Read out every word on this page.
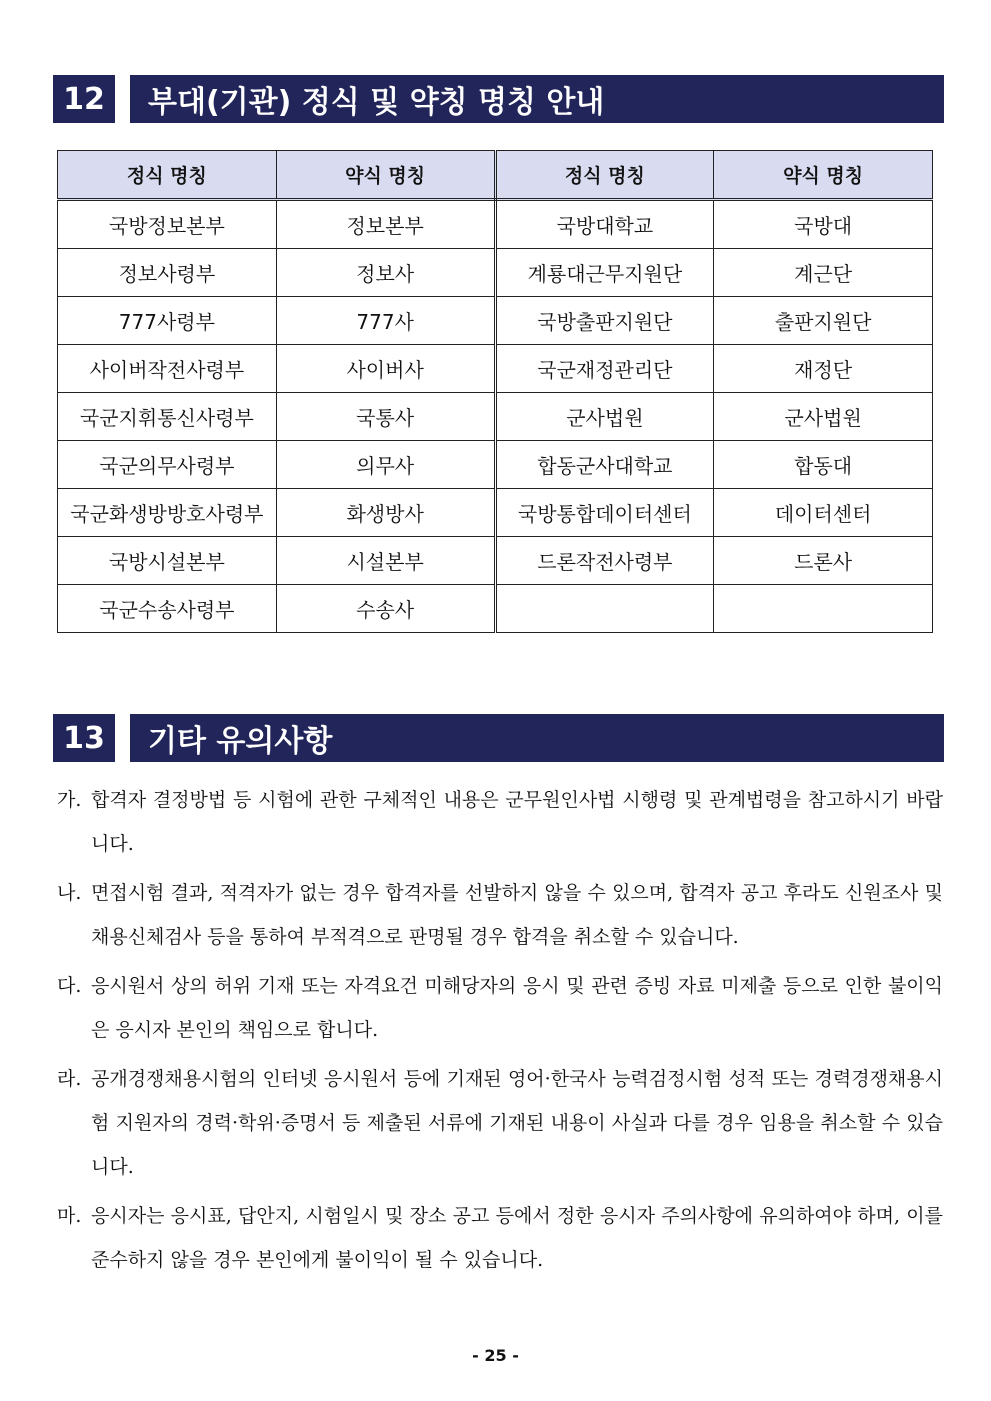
12	부대(기관) 정식 및 약칭 명칭 안내
정식 명칭	약식 명칭	정식 명칭	약식 명칭
국방정보본부	정보본부	국방대학교	국방대
정보사령부	정보사	계룡대근무지원단	계근단
777사령부	777사	국방출판지원단	출판지원단
사이버작전사령부	사이버사	국군재정관리단	재정단
국군지휘통신사령부	국통사	군사법원	군사법원
국군의무사령부	의무사	합동군사대학교	합동대
국군화생방방호사령부	화생방사	국방통합데이터센터	데이터센터
국방시설본부	시설본부	드론작전사령부	드론사
국군수송사령부	수송사		
13	기타 유의사항
가. 합격자 결정방법 등 시험에 관한 구체적인 내용은 군무원인사법 시행령 및 관계법령을 참고하시기 바랍니다.
나. 면접시험 결과, 적격자가 없는 경우 합격자를 선발하지 않을 수 있으며, 합격자 공고 후라도 신원조사 및 채용신체검사 등을 통하여 부적격으로 판명될 경우 합격을 취소할 수 있습니다.
다. 응시원서 상의 허위 기재 또는 자격요건 미해당자의 응시 및 관련 증빙 자료 미제출 등으로 인한 불이익은 응시자 본인의 책임으로 합니다.
라. 공개경쟁채용시험의 인터넷 응시원서 등에 기재된 영어·한국사 능력검정시험 성적 또는 경력경쟁채용시험 지원자의 경력·학위·증명서 등 제출된 서류에 기재된 내용이 사실과 다를 경우 임용을 취소할 수 있습니다.
마. 응시자는 응시표, 답안지, 시험일시 및 장소 공고 등에서 정한 응시자 주의사항에 유의하여야 하며, 이를 준수하지 않을 경우 본인에게 불이익이 될 수 있습니다.
- 25 -
